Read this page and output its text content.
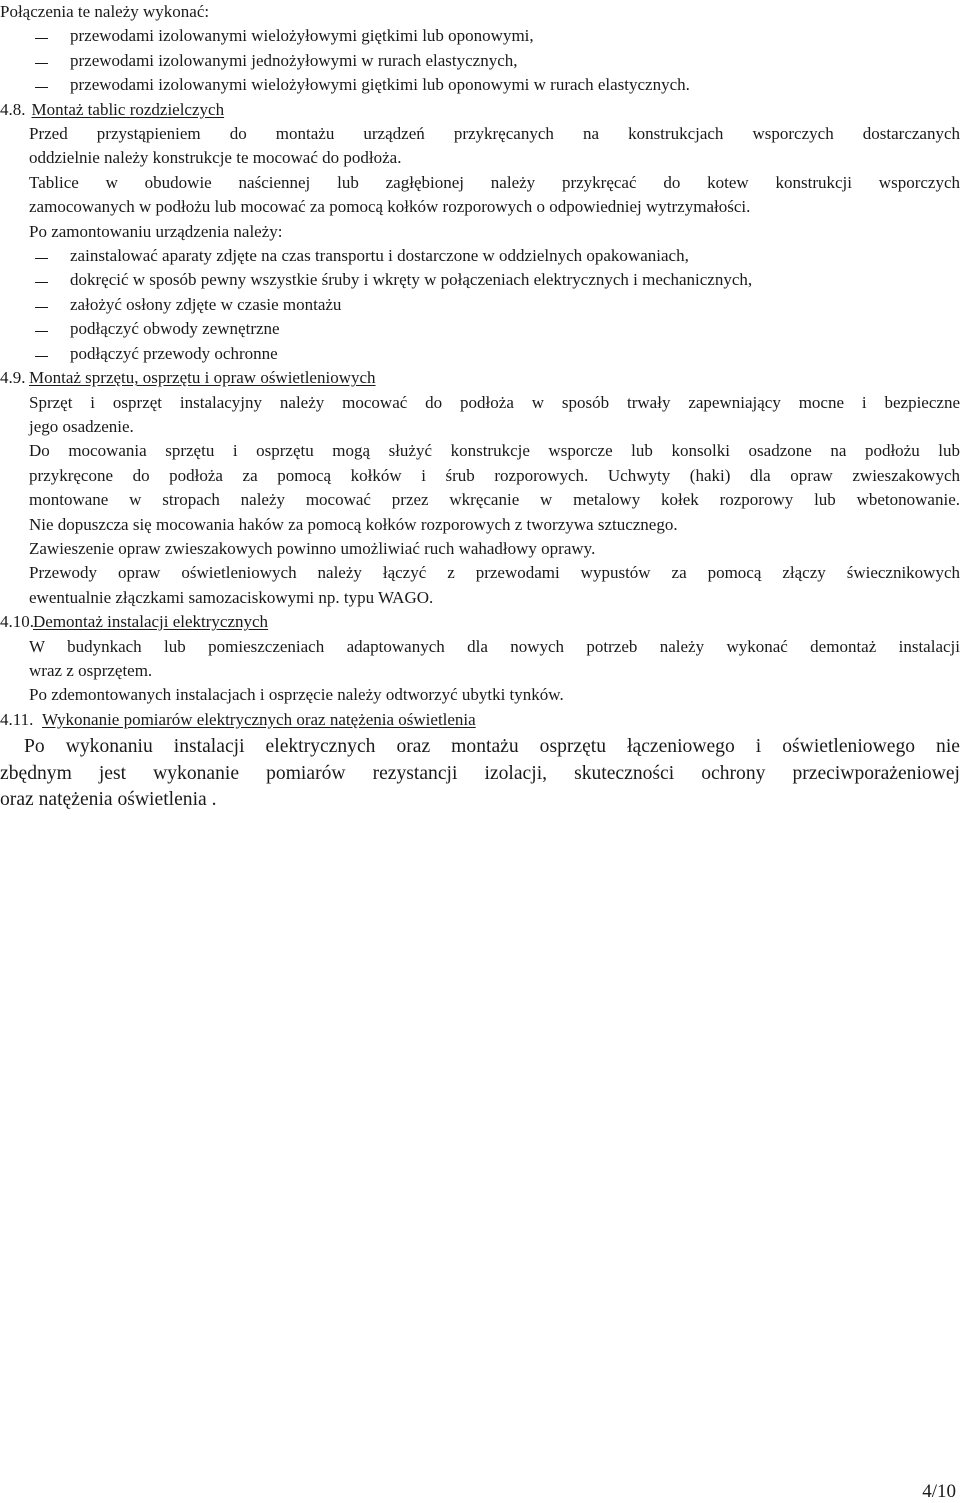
Połączenia te należy wykonać:
przewodami izolowanymi wielożyłowymi giętkimi lub oponowymi,
przewodami izolowanymi jednożyłowymi w rurach elastycznych,
przewodami izolowanymi wielożyłowymi giętkimi lub oponowymi w rurach elastycznych.
4.8. Montaż tablic rozdzielczych
Przed przystąpieniem do montażu urządzeń przykręcanych na konstrukcjach wsporczych dostarczanych
oddzielnie należy konstrukcje te mocować do podłoża.
Tablice w obudowie naściennej lub zagłębionej należy przykręcać do kotew konstrukcji wsporczych
zamocowanych w podłożu lub mocować za pomocą kołków rozporowych o odpowiedniej wytrzymałości.
Po zamontowaniu urządzenia należy:
zainstalować aparaty zdjęte na czas transportu i dostarczone w oddzielnych opakowaniach,
dokręcić w sposób pewny wszystkie śruby i wkręty w połączeniach elektrycznych i mechanicznych,
założyć osłony zdjęte w czasie montażu
podłączyć obwody zewnętrzne
podłączyć przewody ochronne
4.9. Montaż sprzętu, osprzętu i opraw oświetleniowych
Sprzęt i osprzęt instalacyjny należy mocować do podłoża w sposób trwały zapewniający mocne i bezpieczne
jego osadzenie.
Do mocowania sprzętu i osprzętu mogą służyć konstrukcje wsporcze lub konsolki osadzone na podłożu lub
przykręcone do podłoża za pomocą kołków i śrub rozporowych. Uchwyty (haki) dla opraw zwieszakowych
montowane w stropach należy mocować przez wkręcanie w metalowy kołek rozporowy lub wbetonowanie.
Nie dopuszcza się mocowania haków za pomocą kołków rozporowych z tworzywa sztucznego.
Zawieszenie opraw zwieszakowych powinno umożliwiać ruch wahadłowy oprawy.
Przewody opraw oświetleniowych należy łączyć z przewodami wypustów za pomocą złączy świecznikowych
ewentualnie złączkami samozaciskowymi np. typu WAGO.
4.10.Demontaż instalacji elektrycznych
W budynkach lub pomieszczeniach adaptowanych dla nowych potrzeb należy wykonać demontaż instalacji
wraz z osprzętem.
Po zdemontowanych instalacjach i osprzęcie należy odtworzyć ubytki tynków.
4.11. Wykonanie pomiarów elektrycznych oraz natężenia oświetlenia
Po wykonaniu instalacji elektrycznych oraz montażu osprzętu łączeniowego i oświetleniowego nie
zbędnym jest wykonanie pomiarów rezystancji izolacji, skuteczności ochrony przeciwporażeniowej
oraz natężenia oświetlenia .
4/10
